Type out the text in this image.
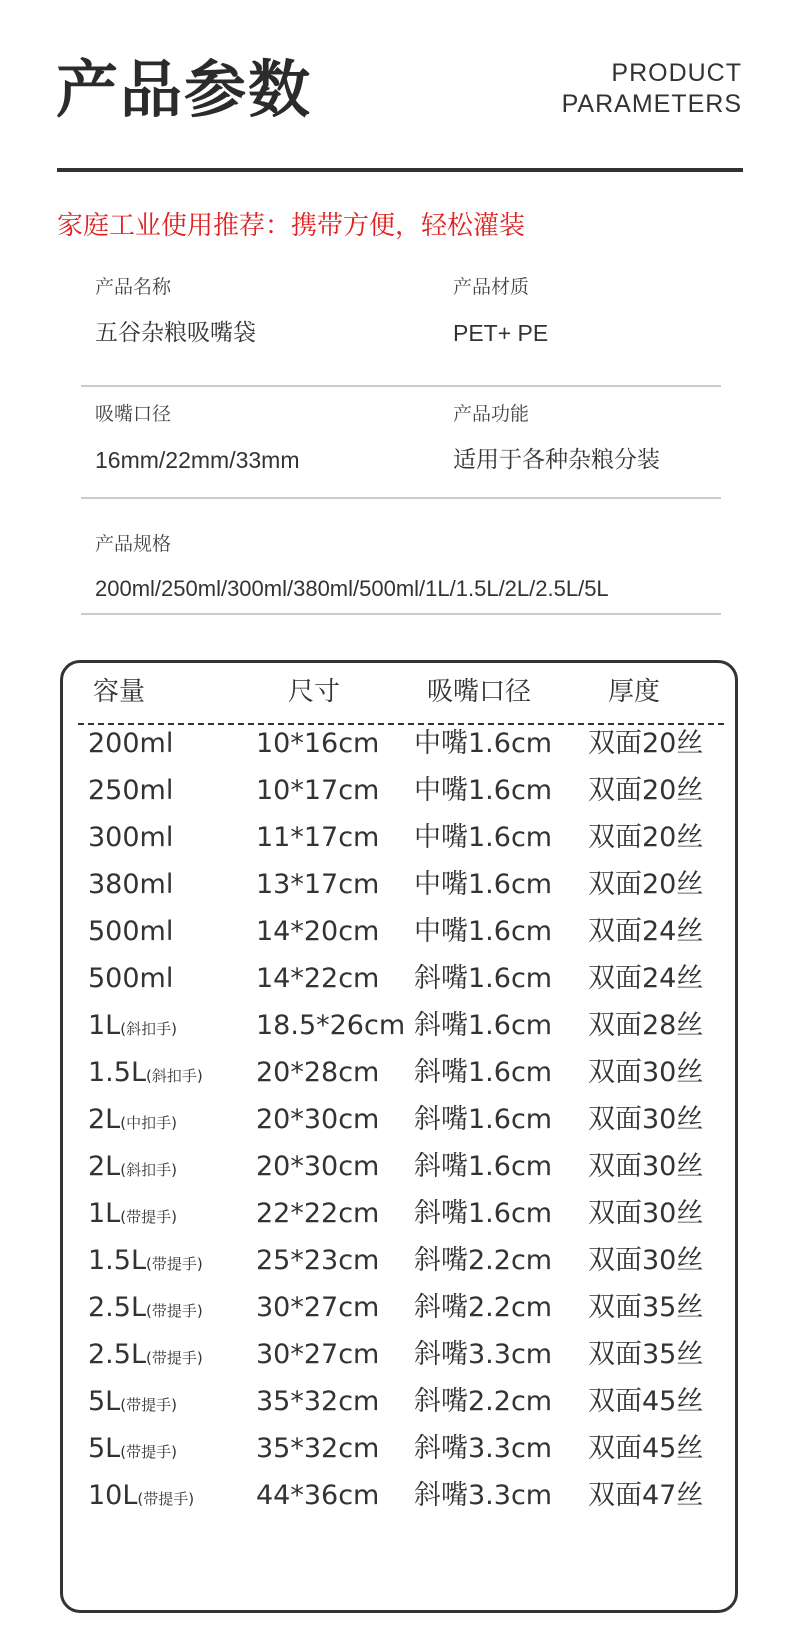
产品参数	PRODUCT
PARAMETERS
家庭工业使用推荐：携带方便，轻松灌装
产品名称
五谷杂粮吸嘴袋
产品材质
PET+ PE
吸嘴口径
16mm/22mm/33mm
产品功能
适用于各种杂粮分装
产品规格
200ml/250ml/300ml/380ml/500ml/1L/1.5L/2L/2.5L/5L
容量	尺寸	吸嘴口径	厚度
200ml	10*16cm 中嘴1.6cm 双面20丝
250ml	10*17cm 中嘴1.6cm 双面20丝
300ml	11*17cm 中嘴1.6cm 双面20丝
380ml	13*17cm 中嘴1.6cm 双面20丝
500ml	14*20cm 中嘴1.6cm 双面24丝
500ml	14*22cm 斜嘴1.6cm 双面24丝
1L(斜扣手)	18.5*26cm 斜嘴1.6cm 双面28丝
1.5L(斜扣手) 20*28cm 斜嘴1.6cm 双面30丝
2L(中扣手)	20*30cm 斜嘴1.6cm 双面30丝
2L(斜扣手)	20*30cm 斜嘴1.6cm 双面30丝
1L(带提手)	22*22cm 斜嘴1.6cm 双面30丝
1.5L(带提手) 25*23cm 斜嘴2.2cm 双面30丝
2.5L(带提手) 30*27cm 斜嘴2.2cm 双面35丝
2.5L(带提手) 30*27cm 斜嘴3.3cm 双面35丝
5L(带提手)	35*32cm 斜嘴2.2cm 双面45丝
5L(带提手)	35*32cm 斜嘴3.3cm 双面45丝
10L(带提手) 44*36cm 斜嘴3.3cm 双面47丝
